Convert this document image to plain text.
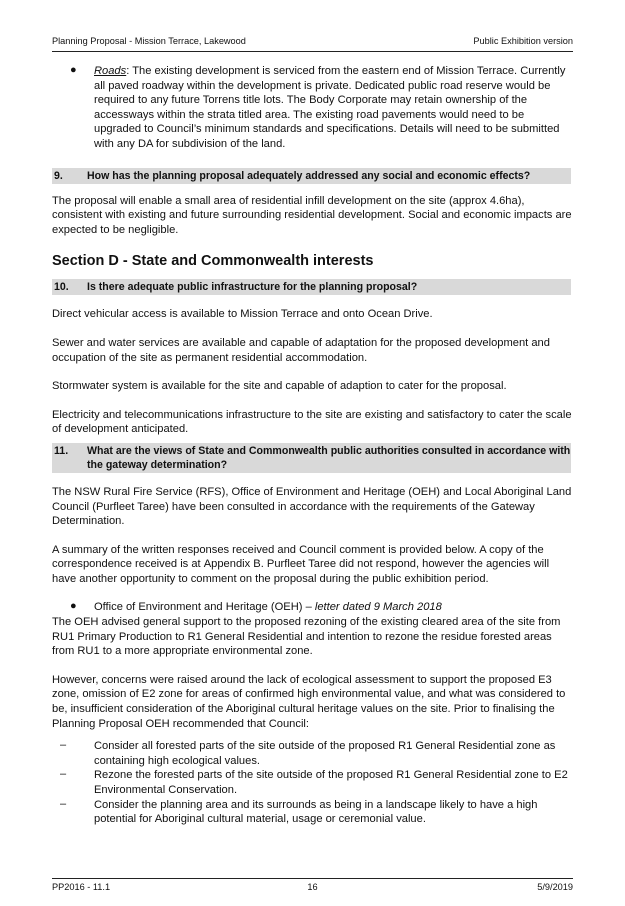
Planning Proposal - Mission Terrace, Lakewood	Public Exhibition version
●	Roads: The existing development is serviced from the eastern end of Mission Terrace. Currently all paved roadway within the development is private. Dedicated public road reserve would be required to any future Torrens title lots. The Body Corporate may retain ownership of the accessways within the strata titled area. The existing road pavements would need to be upgraded to Council’s minimum standards and specifications. Details will need to be submitted with any DA for subdivision of the land.

9.	How has the planning proposal adequately addressed any social and economic effects?

The proposal will enable a small area of residential infill development on the site (approx 4.6ha), consistent with existing and future surrounding residential development. Social and economic impacts are expected to be negligible.

Section D - State and Commonwealth interests
10.	Is there adequate public infrastructure for the planning proposal?

Direct vehicular access is available to Mission Terrace and onto Ocean Drive.

Sewer and water services are available and capable of adaptation for the proposed development and occupation of the site as permanent residential accommodation.

Stormwater system is available for the site and capable of adaption to cater for the proposal.

Electricity and telecommunications infrastructure to the site are existing and satisfactory to cater the scale of development anticipated.

11.	What are the views of State and Commonwealth public authorities consulted in accordance with the gateway determination?

The NSW Rural Fire Service (RFS), Office of Environment and Heritage (OEH) and Local Aboriginal Land Council (Purfleet Taree) have been consulted in accordance with the requirements of the Gateway Determination.

A summary of the written responses received and Council comment is provided below. A copy of the correspondence received is at Appendix B. Purfleet Taree did not respond, however the agencies will have another opportunity to comment on the proposal during the public exhibition period.

●	Office of Environment and Heritage (OEH) – letter dated 9 March 2018

The OEH advised general support to the proposed rezoning of the existing cleared area of the site from RU1 Primary Production to R1 General Residential and intention to rezone the residue forested areas from RU1 to a more appropriate environmental zone.

However, concerns were raised around the lack of ecological assessment to support the proposed E3 zone, omission of E2 zone for areas of confirmed high environmental value, and what was considered to be, insufficient consideration of the Aboriginal cultural heritage values on the site. Prior to finalising the Planning Proposal OEH recommended that Council:

–	Consider all forested parts of the site outside of the proposed R1 General Residential zone as containing high ecological values.
–	Rezone the forested parts of the site outside of the proposed R1 General Residential zone to E2 Environmental Conservation.
–	Consider the planning area and its surrounds as being in a landscape likely to have a high potential for Aboriginal cultural material, usage or ceremonial value.
PP2016 - 11.1	16	5/9/2019
